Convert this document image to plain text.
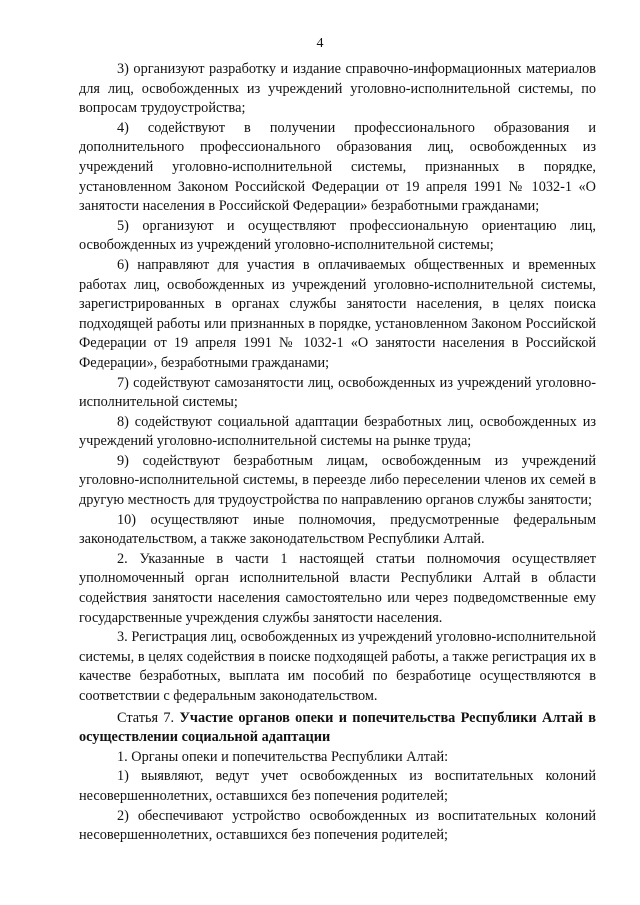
4

3) организуют разработку и издание справочно-информационных материалов для лиц, освобожденных из учреждений уголовно-исполнительной системы, по вопросам трудоустройства;

4) содействуют в получении профессионального образования и дополнительного профессионального образования лиц, освобожденных из учреждений уголовно-исполнительной системы, признанных в порядке, установленном Законом Российской Федерации от 19 апреля 1991 № 1032-1 «О занятости населения в Российской Федерации» безработными гражданами;

5) организуют и осуществляют профессиональную ориентацию лиц, освобожденных из учреждений уголовно-исполнительной системы;

6) направляют для участия в оплачиваемых общественных и временных работах лиц, освобожденных из учреждений уголовно-исполнительной системы, зарегистрированных в органах службы занятости населения, в целях поиска подходящей работы или признанных в порядке, установленном Законом Российской Федерации от 19 апреля 1991 № 1032-1 «О занятости населения в Российской Федерации», безработными гражданами;

7) содействуют самозанятости лиц, освобожденных из учреждений уголовно-исполнительной системы;

8) содействуют социальной адаптации безработных лиц, освобожденных из учреждений уголовно-исполнительной системы на рынке труда;

9) содействуют безработным лицам, освобожденным из учреждений уголовно-исполнительной системы, в переезде либо переселении членов их семей в другую местность для трудоустройства по направлению органов службы занятости;

10) осуществляют иные полномочия, предусмотренные федеральным законодательством, а также законодательством Республики Алтай.

2. Указанные в части 1 настоящей статьи полномочия осуществляет уполномоченный орган исполнительной власти Республики Алтай в области содействия занятости населения самостоятельно или через подведомственные ему государственные учреждения службы занятости населения.

3. Регистрация лиц, освобожденных из учреждений уголовно-исполнительной системы, в целях содействия в поиске подходящей работы, а также регистрация их в качестве безработных, выплата им пособий по безработице осуществляются в соответствии с федеральным законодательством.

Статья 7. Участие органов опеки и попечительства Республики Алтай в осуществлении социальной адаптации

1. Органы опеки и попечительства Республики Алтай:

1) выявляют, ведут учет освобожденных из воспитательных колоний несовершеннолетних, оставшихся без попечения родителей;

2) обеспечивают устройство освобожденных из воспитательных колоний несовершеннолетних, оставшихся без попечения родителей;
